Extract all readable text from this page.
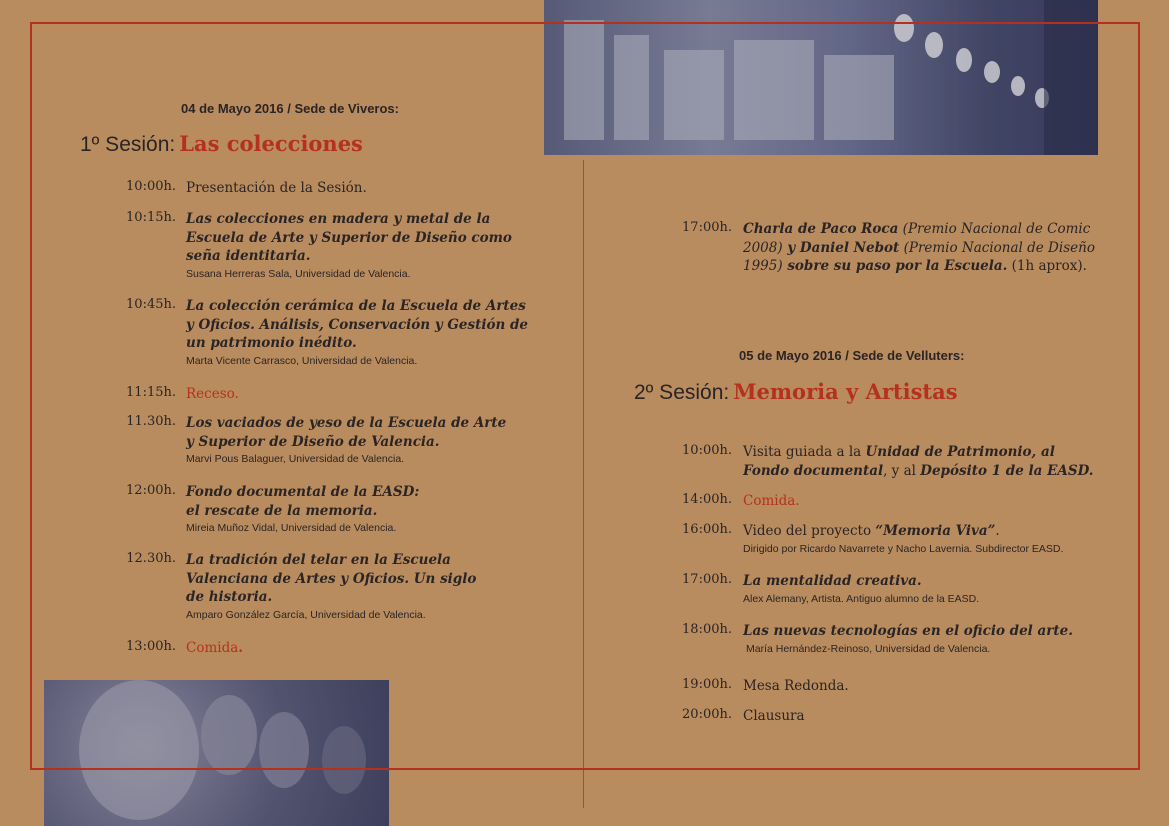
04 de Mayo 2016 / Sede de Viveros:
1º Sesión: Las colecciones
10:00h. Presentación de la Sesión.
10:15h. Las colecciones en madera y metal de la
Escuela de Arte y Superior de Diseño como
seña identitaria.
Susana Herreras Sala, Universidad de Valencia.
10:45h. La colección cerámica de la Escuela de Artes
y Oficios. Análisis, Conservación y Gestión de
un patrimonio inédito.
Marta Vicente Carrasco, Universidad de Valencia.
11:15h. Receso.
11.30h. Los vaciados de yeso de la Escuela de Arte
y Superior de Diseño de Valencia.
Marvi Pous Balaguer, Universidad de Valencia.
12:00h. Fondo documental de la EASD:
el rescate de la memoria.
Mireia Muñoz Vidal, Universidad de Valencia.
12.30h. La tradición del telar en la Escuela
Valenciana de Artes y Oficios. Un siglo
de historia.
Amparo González García, Universidad de Valencia.
13:00h. Comida.
17:00h. Charla de Paco Roca (Premio Nacional de Comic
2008) y Daniel Nebot (Premio Nacional de Diseño
1995) sobre su paso por la Escuela. (1h aprox).
05 de Mayo 2016 / Sede de Velluters:
2º Sesión: Memoria y Artistas
10:00h. Visita guiada a la Unidad de Patrimonio, al
Fondo documental, y al Depósito 1 de la EASD.
14:00h. Comida.
16:00h. Video del proyecto “Memoria Viva”.
Dirigido por Ricardo Navarrete y Nacho Lavernia. Subdirector EASD.
17:00h. La mentalidad creativa.
Alex Alemany, Artista. Antiguo alumno de la EASD.
18:00h. Las nuevas tecnologías en el oficio del arte.
María Hernández-Reinoso, Universidad de Valencia.
19:00h. Mesa Redonda.
20:00h. Clausura
